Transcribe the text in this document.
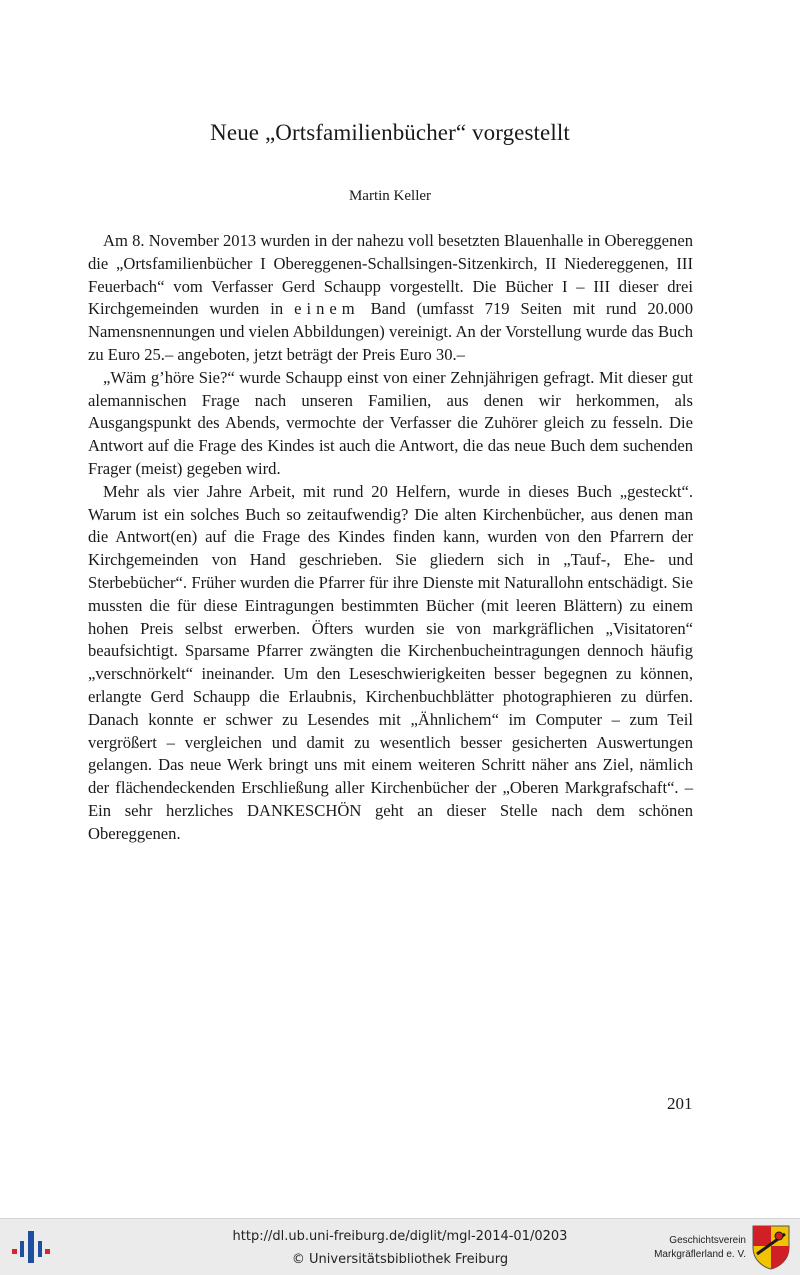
Neue „Ortsfamilienbücher“ vorgestellt
Martin Keller

Am 8. November 2013 wurden in der nahezu voll besetzten Blauenhalle in Obereggenen die „Ortsfamilienbücher I Obereggenen-Schallsingen-Sitzenkirch, II Niedereggenen, III Feuerbach“ vom Verfasser Gerd Schaupp vorgestellt. Die Bücher I – III dieser drei Kirchgemeinden wurden in einem Band (umfasst 719 Seiten mit rund 20.000 Namensnennungen und vielen Abbildungen) vereinigt. An der Vorstellung wurde das Buch zu Euro 25.– angeboten, jetzt beträgt der Preis Euro 30.–

„Wäm g’höre Sie?“ wurde Schaupp einst von einer Zehnjährigen gefragt. Mit dieser gut alemannischen Frage nach unseren Familien, aus denen wir herkommen, als Ausgangspunkt des Abends, vermochte der Verfasser die Zuhörer gleich zu fesseln. Die Antwort auf die Frage des Kindes ist auch die Antwort, die das neue Buch dem suchenden Frager (meist) gegeben wird.

Mehr als vier Jahre Arbeit, mit rund 20 Helfern, wurde in dieses Buch „gesteckt“. Warum ist ein solches Buch so zeitaufwendig? Die alten Kirchenbücher, aus denen man die Antwort(en) auf die Frage des Kindes finden kann, wurden von den Pfarrern der Kirchgemeinden von Hand geschrieben. Sie gliedern sich in „Tauf-, Ehe- und Sterbebücher“. Früher wurden die Pfarrer für ihre Dienste mit Naturallohn entschädigt. Sie mussten die für diese Eintragungen bestimmten Bücher (mit leeren Blättern) zu einem hohen Preis selbst erwerben. Öfters wurden sie von markgräflichen „Visitatoren“ beaufsichtigt. Sparsame Pfarrer zwängten die Kirchenbucheintragungen dennoch häufig „verschnörkelt“ ineinander. Um den Leseschwierigkeiten besser begegnen zu können, erlangte Gerd Schaupp die Erlaubnis, Kirchenbuchblätter photographieren zu dürfen. Danach konnte er schwer zu Lesendes mit „Ähnlichem“ im Computer – zum Teil vergrößert – vergleichen und damit zu wesentlich besser gesicherten Auswertungen gelangen. Das neue Werk bringt uns mit einem weiteren Schritt näher ans Ziel, nämlich der flächendeckenden Erschließung aller Kirchenbücher der „Oberen Markgrafschaft“. – Ein sehr herzliches DANKESCHÖN geht an dieser Stelle nach dem schönen Obereggenen.

201
http://dl.ub.uni-freiburg.de/diglit/mgl-2014-01/0203
© Universitätsbibliothek Freiburg
Geschichtsverein
Markgräflerland e. V.
